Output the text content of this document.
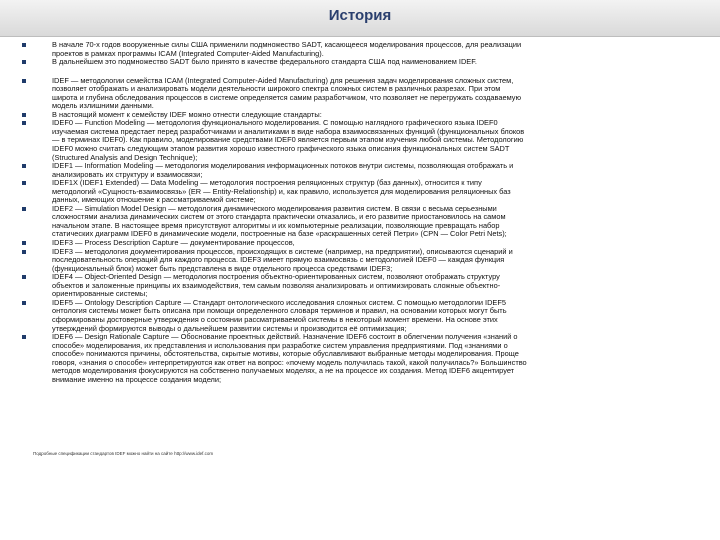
История
В начале 70-х годов вооруженные силы США применили подмножество SADT, касающееся моделирования процессов, для реализации
проектов в рамках программы ICAM (Integrated Computer-Aided Manufacturing).
В дальнейшем это подмножество SADT было принято в качестве федерального стандарта США под наименованием IDEF.
IDEF — методологии семейства ICAM (Integrated Computer-Aided Manufacturing) для решения задач моделирования сложных систем,
позволяет отображать и анализировать модели деятельности широкого спектра сложных систем в различных разрезах. При этом
широта и глубина обследования процессов в системе определяется самим разработчиком, что позволяет не перегружать создаваемую
модель излишними данными.
В настоящий момент к семейству IDEF можно отнести следующие стандарты:
IDEF0 — Function Modeling — методология функционального моделирования. С помощью наглядного графического языка IDEF0
изучаемая система предстает перед разработчиками и аналитиками в виде набора взаимосвязанных функций (функциональных блоков
— в терминах IDEF0). Как правило, моделирование средствами IDEF0 является первым этапом изучения любой системы. Методологию
IDEF0 можно считать следующим этапом развития хорошо известного графического языка описания функциональных систем SADT
(Structured Analysis and Design Technique);
IDEF1 — Information Modeling — методология моделирования информационных потоков внутри системы, позволяющая отображать и
анализировать их структуру и взаимосвязи;
IDEF1X (IDEF1 Extended) — Data Modeling — методология построения реляционных структур (баз данных), относится к типу
методологий «Сущность-взаимосвязь» (ER — Entity-Relationship) и, как правило, используется для моделирования реляционных баз
данных, имеющих отношение к рассматриваемой системе;
IDEF2 — Simulation Model Design — методология динамического моделирования развития систем. В связи с весьма серьезными
сложностями анализа динамических систем от этого стандарта практически отказались, и его развитие приостановилось на самом
начальном этапе. В настоящее время присутствуют алгоритмы и их компьютерные реализации, позволяющие превращать набор
статических диаграмм IDEF0 в динамические модели, построенные на базе «раскрашенных сетей Петри» (CPN — Color Petri Nets);
IDEF3 — Process Description Capture — документирование процессов,
IDEF3 — методология документирования процессов, происходящих в системе (например, на предприятии), описываются сценарий и
последовательность операций для каждого процесса. IDEF3 имеет прямую взаимосвязь с методологией IDEF0 — каждая функция
(функциональный блок) может быть представлена в виде отдельного процесса средствами IDEF3;
IDEF4 — Object-Oriented Design — методология построения объектно-ориентированных систем, позволяют отображать структуру
объектов и заложенные принципы их взаимодействия, тем самым позволяя анализировать и оптимизировать сложные объектно-
ориентированные системы;
IDEF5 — Ontology Description Capture — Стандарт онтологического исследования сложных систем. С помощью методологии IDEF5
онтология системы может быть описана при помощи определенного словаря терминов и правил, на основании которых могут быть
сформированы достоверные утверждения о состоянии рассматриваемой системы в некоторый момент времени. На основе этих
утверждений формируются выводы о дальнейшем развитии системы и производится её оптимизация;
IDEF6 — Design Rationale Capture — Обоснование проектных действий. Назначение IDEF6 состоит в облегчении получения «знаний о
способе» моделирования, их представления и использования при разработке систем управления предприятиями. Под «знаниями о
способе» понимаются причины, обстоятельства, скрытые мотивы, которые обуславливают выбранные методы моделирования. Проще
говоря, «знания о способе» интерпретируются как ответ на вопрос: «почему модель получилась такой, какой получилась?» Большинство
методов моделирования фокусируются на собственно получаемых моделях, а не на процессе их создания. Метод IDEF6 акцентирует
внимание именно на процессе создания модели;
Подробные спецификации стандартов IDEF можно найти на сайте http://www.idef.com
